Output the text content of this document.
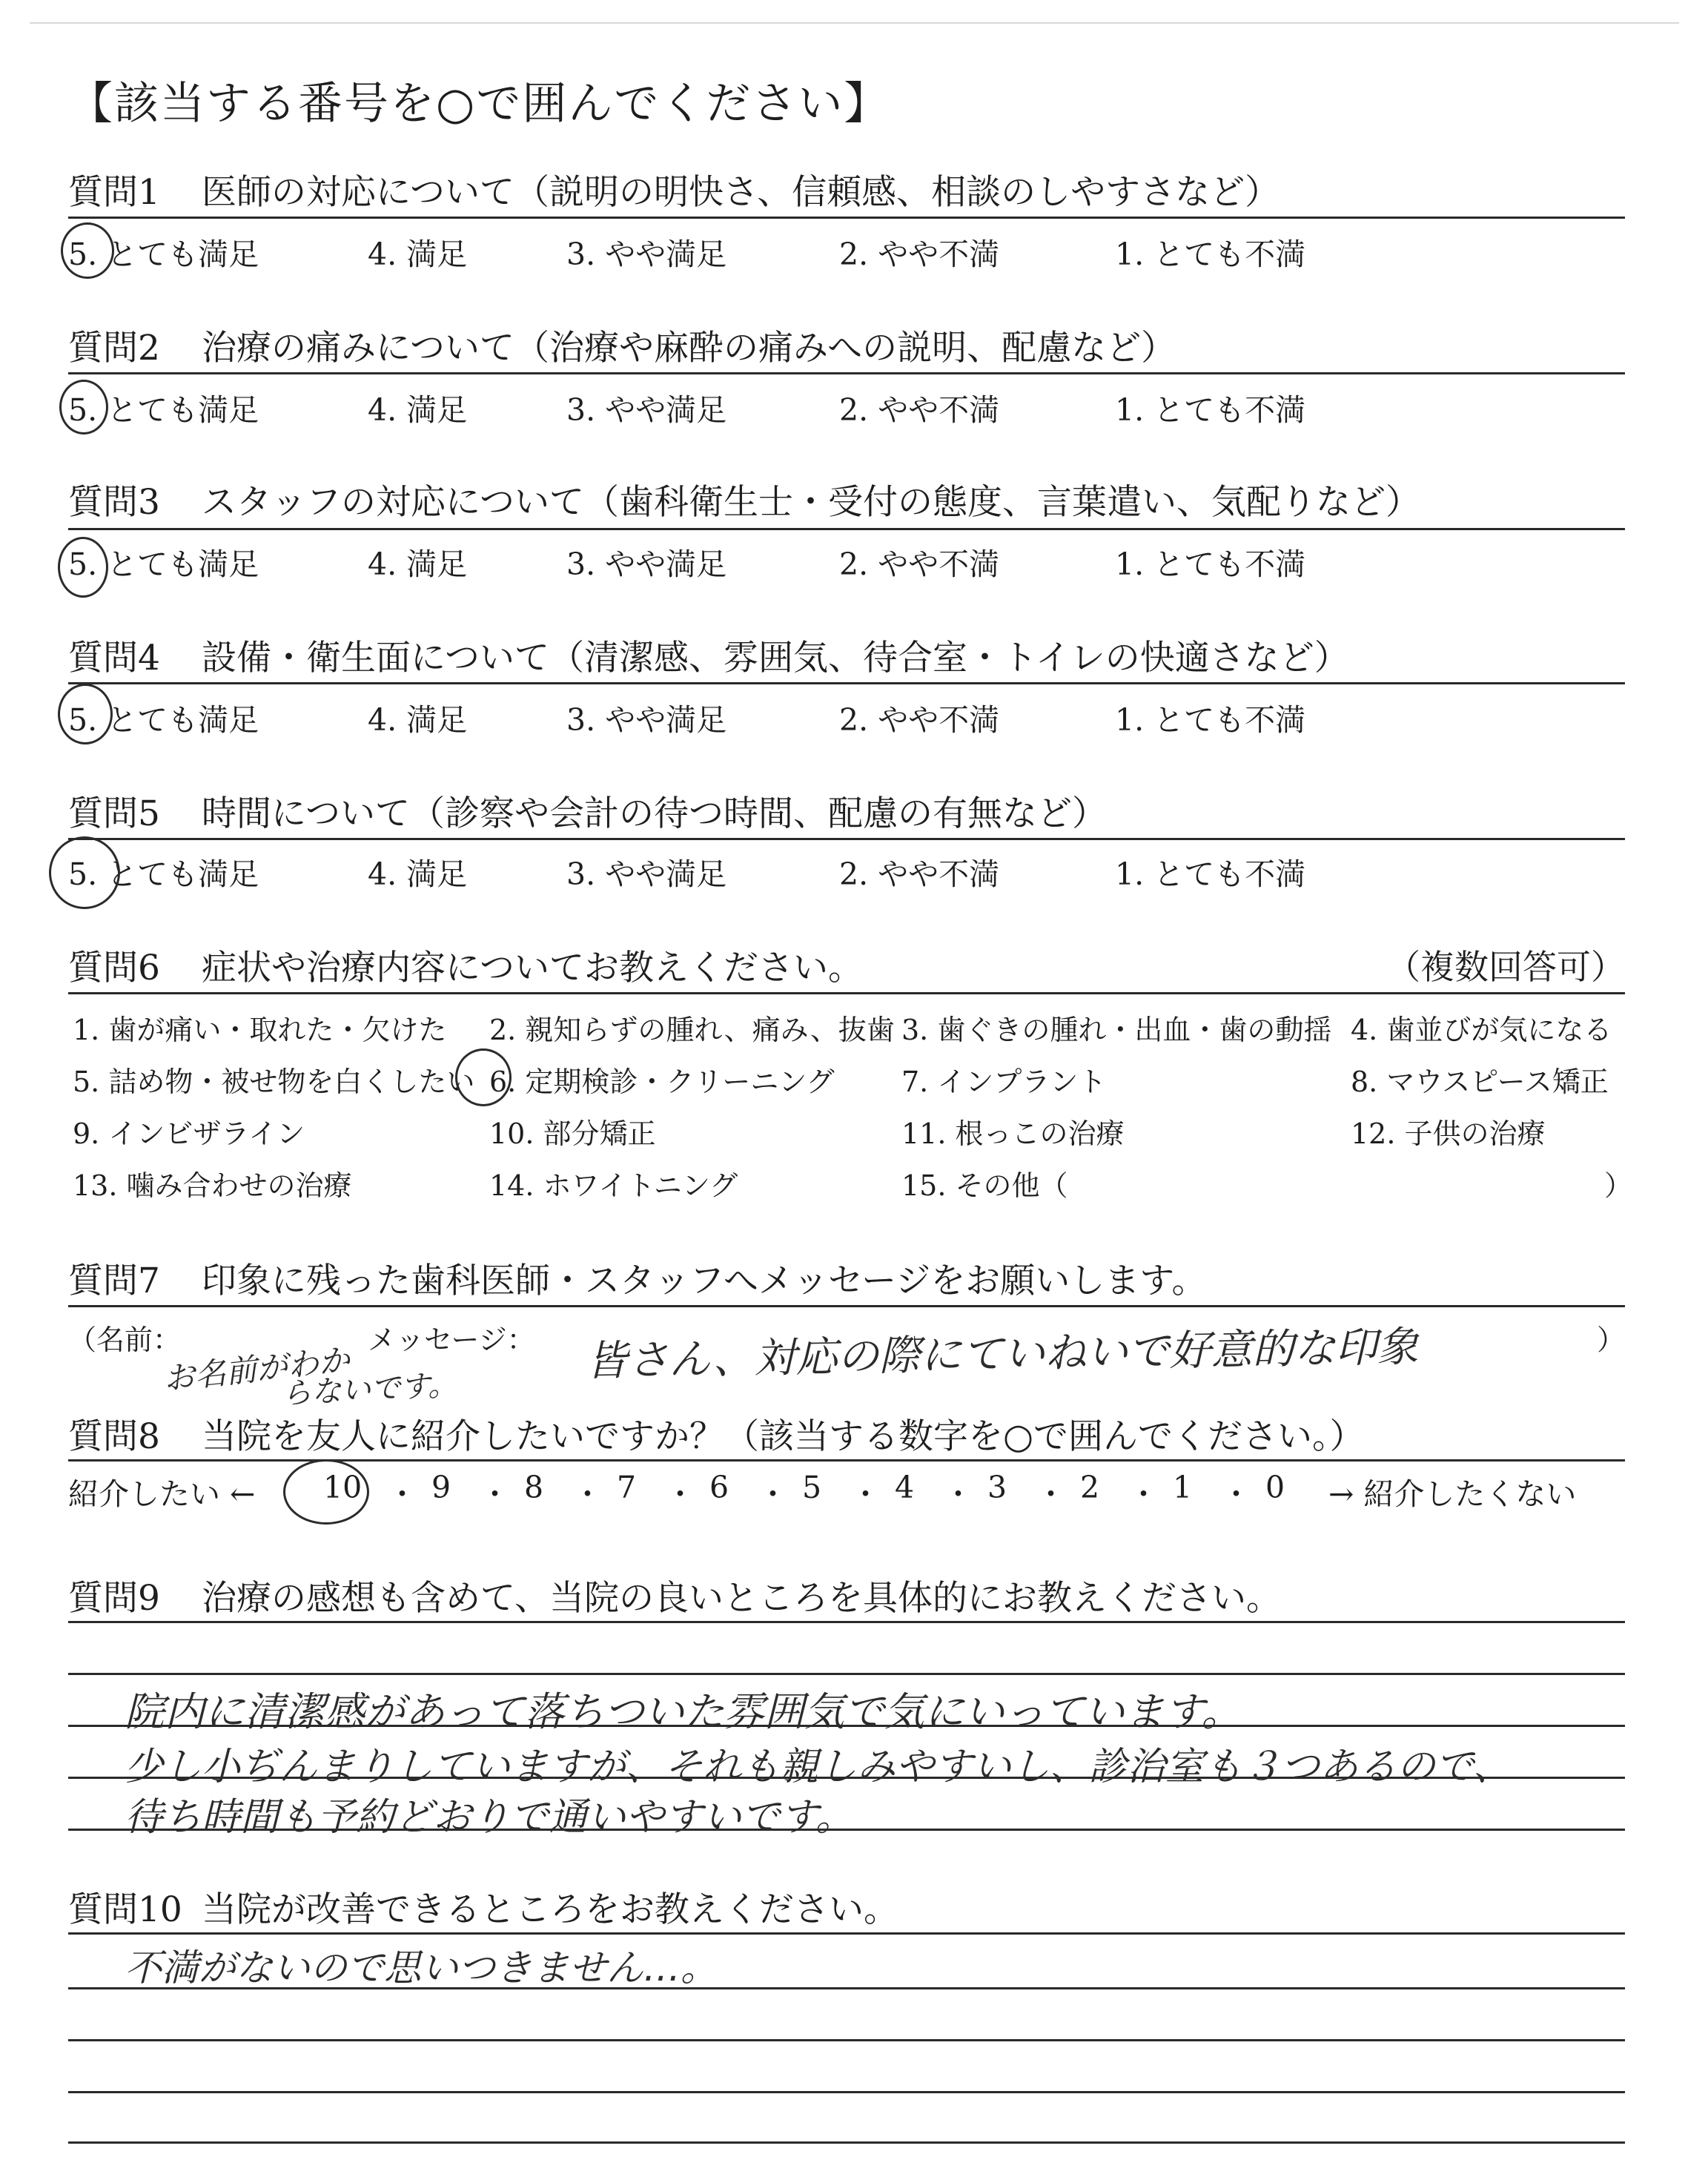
【該当する番号を○で囲んでください】
質問1 医師の対応について（説明の明快さ、信頼感、相談のしやすさなど）
5. とても満足	4. 満足	3. やや満足	2. やや不満	1. とても不満
質問2 治療の痛みについて（治療や麻酔の痛みへの説明、配慮など）
5. とても満足	4. 満足	3. やや満足	2. やや不満	1. とても不満
質問3 スタッフの対応について（歯科衛生士・受付の態度、言葉遣い、気配りなど）
5. とても満足	4. 満足	3. やや満足	2. やや不満	1. とても不満
質問4 設備・衛生面について（清潔感、雰囲気、待合室・トイレの快適さなど）
5. とても満足	4. 満足	3. やや満足	2. やや不満	1. とても不満
質問5 時間について（診察や会計の待つ時間、配慮の有無など）
5. とても満足	4. 満足	3. やや満足	2. やや不満	1. とても不満
質問6 症状や治療内容についてお教えください。	（複数回答可）
1. 歯が痛い・取れた・欠けた 2. 親知らずの腫れ、痛み、抜歯 3. 歯ぐきの腫れ・出血・歯の動揺 4. 歯並びが気になる
5. 詰め物・被せ物を白くしたい 6. 定期検診・クリーニング 7. インプラント	8. マウスピース矯正
9. インビザライン	10. 部分矯正	11. 根っこの治療	12. 子供の治療
13. 噛み合わせの治療	14. ホワイトニング	15. その他（	）
質問7 印象に残った歯科医師・スタッフへメッセージをお願いします。
（名前：	メッセージ：	）
お名前がわか
らないです。
皆さん、対応の際にていねいで好意的な印象
質問8 当院を友人に紹介したいですか？（該当する数字を○で囲んでください。）
紹介したい ← 10 ・ 9 ・ 8 ・ 7 ・ 6 ・ 5 ・ 4 ・ 3 ・ 2 ・ 1 ・ 0 → 紹介したくない
質問9 治療の感想も含めて、当院の良いところを具体的にお教えください。
院内に清潔感があって落ちついた雰囲気で気にいっています。
少し小ぢんまりしていますが、それも親しみやすいし、診治室も３つあるので、
待ち時間も予約どおりで通いやすいです。
質問10 当院が改善できるところをお教えください。
不満がないので思いつきません…。
